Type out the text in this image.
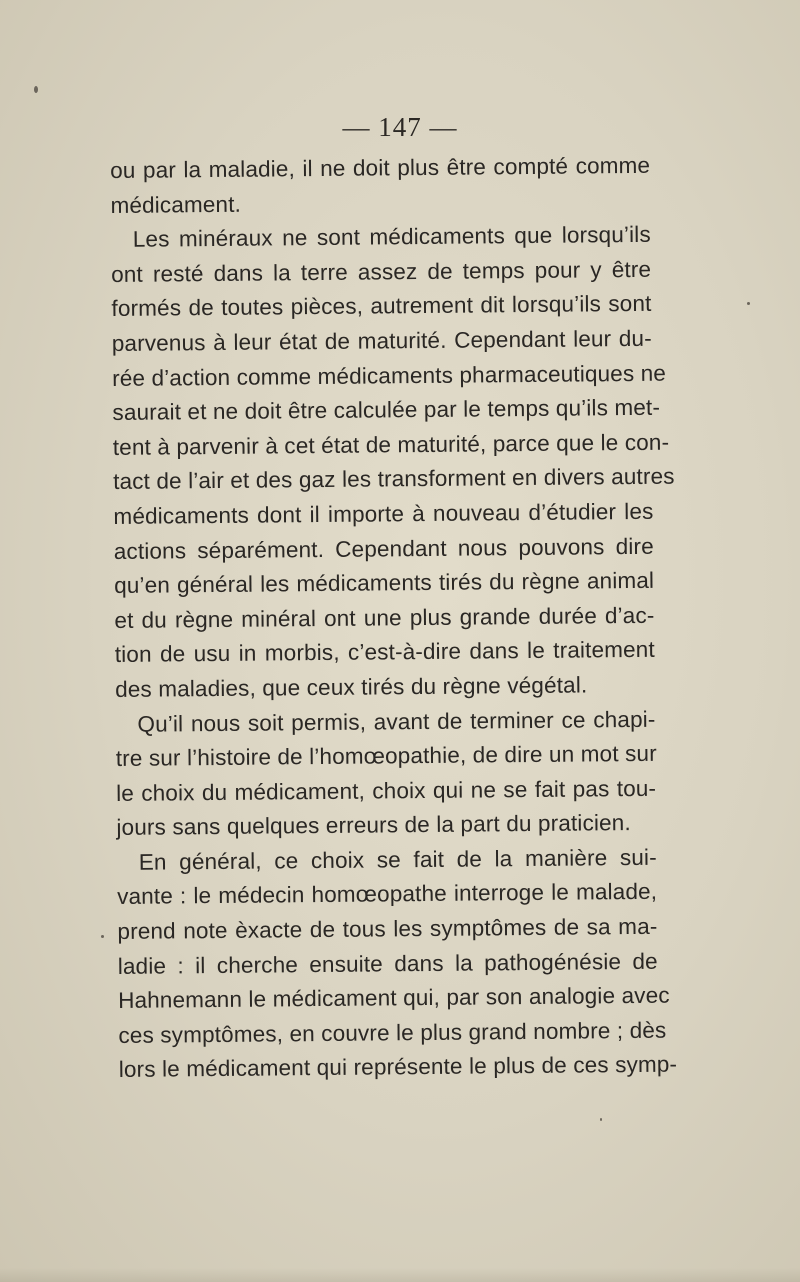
— 147 —
ou par la maladie, il ne doit plus être compté comme
médicament.
Les minéraux ne sont médicaments que lorsqu’ils
ont resté dans la terre assez de temps pour y être
formés de toutes pièces, autrement dit lorsqu’ils sont
parvenus à leur état de maturité. Cependant leur du-
rée d’action comme médicaments pharmaceutiques ne
saurait et ne doit être calculée par le temps qu’ils met-
tent à parvenir à cet état de maturité, parce que le con-
tact de l’air et des gaz les transforment en divers autres
médicaments dont il importe à nouveau d’étudier les
actions séparément. Cependant nous pouvons dire
qu’en général les médicaments tirés du règne animal
et du règne minéral ont une plus grande durée d’ac-
tion de usu in morbis, c’est-à-dire dans le traitement
des maladies, que ceux tirés du règne végétal.
Qu’il nous soit permis, avant de terminer ce chapi-
tre sur l’histoire de l’homœopathie, de dire un mot sur
le choix du médicament, choix qui ne se fait pas tou-
jours sans quelques erreurs de la part du praticien.
En général, ce choix se fait de la manière sui-
vante : le médecin homœopathe interroge le malade,
prend note èxacte de tous les symptômes de sa ma-
ladie : il cherche ensuite dans la pathogénésie de
Hahnemann le médicament qui, par son analogie avec
ces symptômes, en couvre le plus grand nombre ; dès
lors le médicament qui représente le plus de ces symp-
